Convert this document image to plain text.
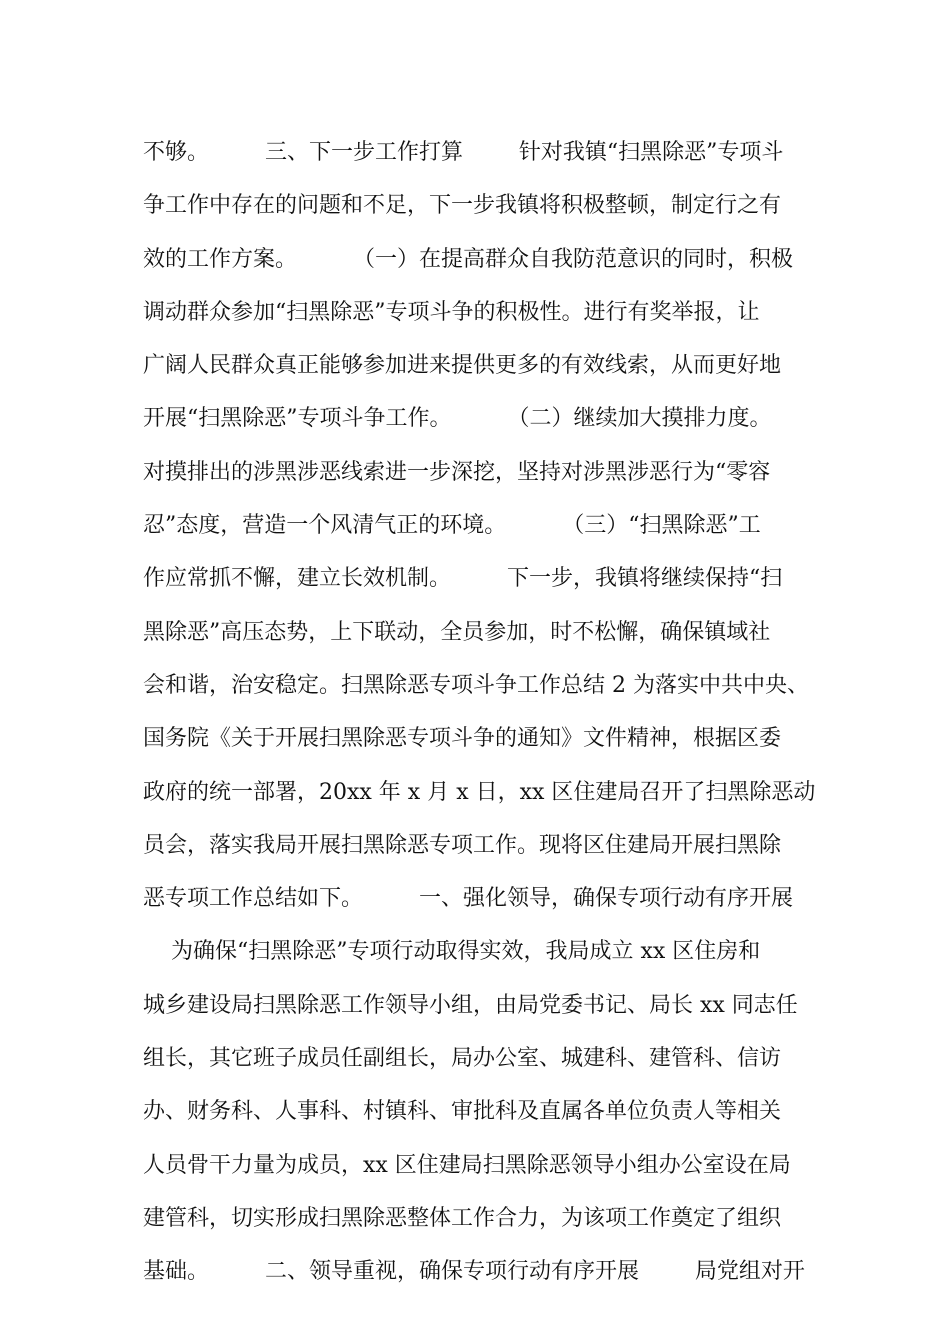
不够。        三、下一步工作打算        针对我镇“扫黑除恶”专项斗
争工作中存在的问题和不足，下一步我镇将积极整顿，制定行之有
效的工作方案。        （一）在提高群众自我防范意识的同时，积极
调动群众参加“扫黑除恶”专项斗争的积极性。进行有奖举报，让
广阔人民群众真正能够参加进来提供更多的有效线索，从而更好地
开展“扫黑除恶”专项斗争工作。        （二）继续加大摸排力度。
对摸排出的涉黑涉恶线索进一步深挖，坚持对涉黑涉恶行为“零容
忍”态度，营造一个风清气正的环境。        （三）“扫黑除恶”工
作应常抓不懈，建立长效机制。        下一步，我镇将继续保持“扫
黑除恶”高压态势，上下联动，全员参加，时不松懈，确保镇域社
会和谐，治安稳定。扫黑除恶专项斗争工作总结 2 为落实中共中央、
国务院《关于开展扫黑除恶专项斗争的通知》文件精神，根据区委
政府的统一部署，20xx 年 x 月 x 日，xx 区住建局召开了扫黑除恶动
员会，落实我局开展扫黑除恶专项工作。现将区住建局开展扫黑除
恶专项工作总结如下。        一、强化领导，确保专项行动有序开展
为确保“扫黑除恶”专项行动取得实效，我局成立 xx 区住房和
城乡建设局扫黑除恶工作领导小组，由局党委书记、局长 xx 同志任
组长，其它班子成员任副组长，局办公室、城建科、建管科、信访
办、财务科、人事科、村镇科、审批科及直属各单位负责人等相关
人员骨干力量为成员，xx 区住建局扫黑除恶领导小组办公室设在局
建管科，切实形成扫黑除恶整体工作合力，为该项工作奠定了组织
基础。        二、领导重视，确保专项行动有序开展        局党组对开
